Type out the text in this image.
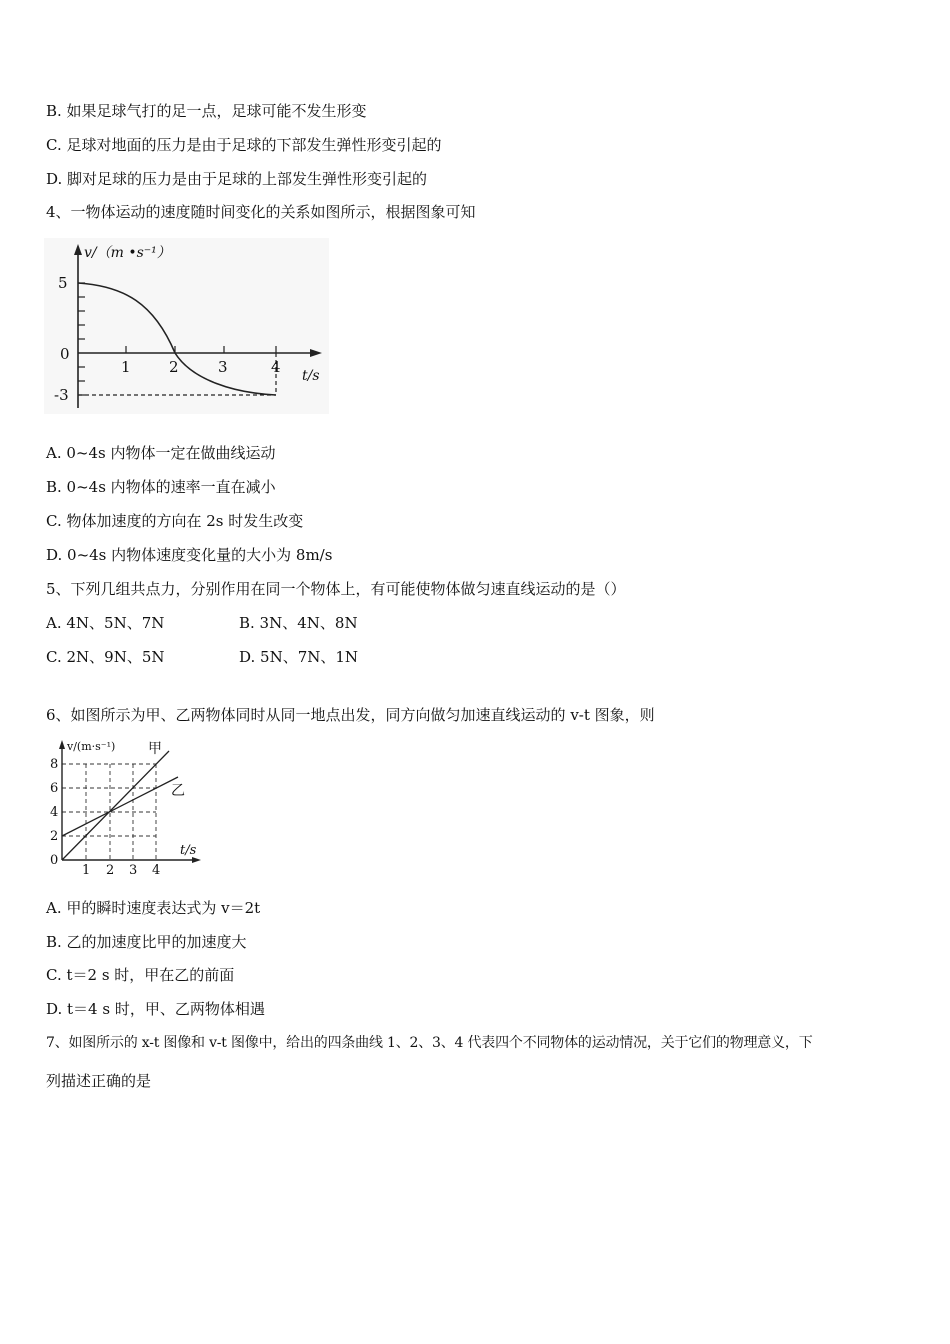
B. 如果足球气打的足一点，足球可能不发生形变
C. 足球对地面的压力是由于足球的下部发生弹性形变引起的
D. 脚对足球的压力是由于足球的上部发生弹性形变引起的
4、一物体运动的速度随时间变化的关系如图所示，根据图象可知
v/（m •s⁻¹）
t/s
5
0
-3
1	2	3	4
A. 0~4s 内物体一定在做曲线运动
B. 0~4s 内物体的速率一直在减小
C. 物体加速度的方向在 2s 时发生改变
D. 0~4s 内物体速度变化量的大小为 8m/s
5、下列几组共点力，分别作用在同一个物体上，有可能使物体做匀速直线运动的是（）
A. 4N、5N、7N	B. 3N、4N、8N
C. 2N、9N、5N	D. 5N、7N、1N
6、如图所示为甲、乙两物体同时从同一地点出发，同方向做匀加速直线运动的 v-t 图象，则
v/(m·s⁻¹) 甲
乙
t/s
8
6
4
2
0
1 2 3 4
A. 甲的瞬时速度表达式为 v＝2t
B. 乙的加速度比甲的加速度大
C. t＝2 s 时，甲在乙的前面
D. t＝4 s 时，甲、乙两物体相遇
7、如图所示的 x-t 图像和 v-t 图像中，给出的四条曲线 1、2、3、4 代表四个不同物体的运动情况，关于它们的物理意义，下
列描述正确的是
